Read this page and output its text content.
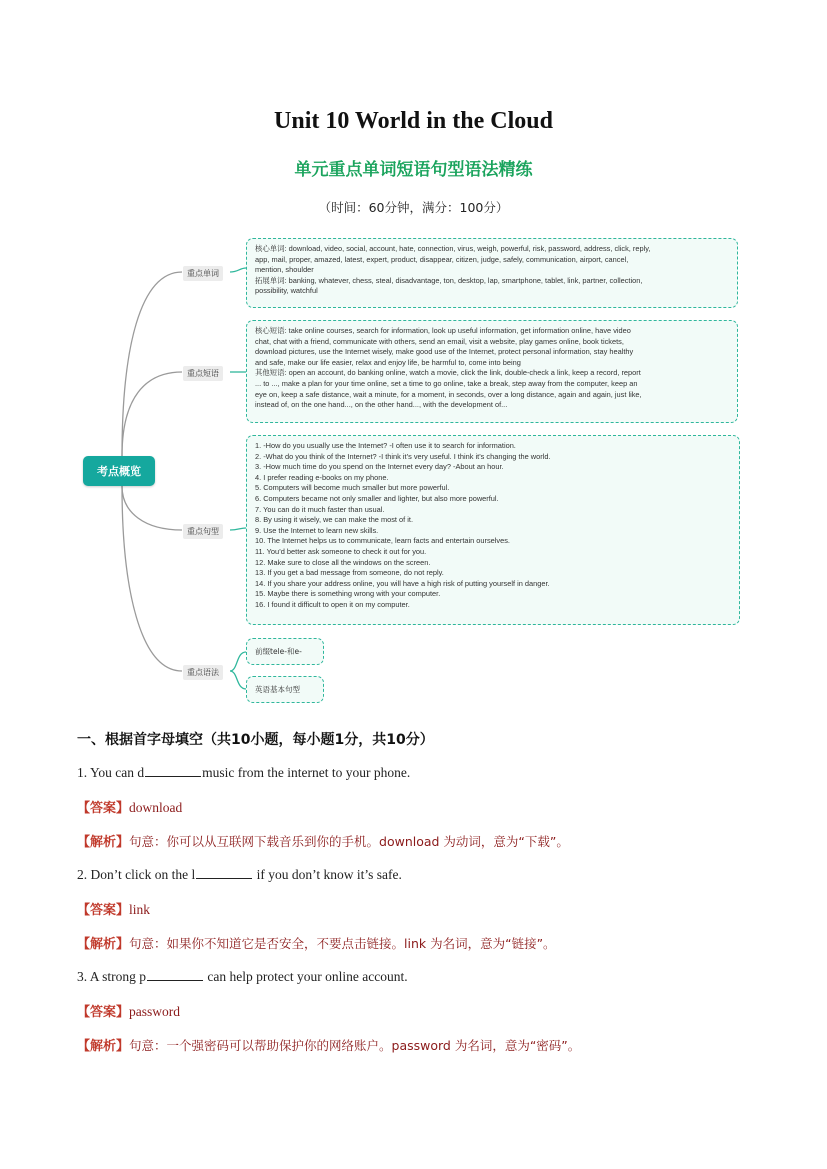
Unit 10 World in the Cloud
单元重点单词短语句型语法精练
（时间：60分钟，满分：100分）
考点概览
重点单词
重点短语
重点句型
重点语法
核心单词: download, video, social, account, hate, connection, virus, weigh, powerful, risk, password, address, click, reply,
app, mail, proper, amazed, latest, expert, product, disappear, citizen, judge, safely, communication, airport, cancel,
mention, shoulder
拓展单词: banking, whatever, chess, steal, disadvantage, ton, desktop, lap, smartphone, tablet, link, partner, collection,
possibility, watchful
核心短语: take online courses, search for information, look up useful information, get information online, have video
chat, chat with a friend, communicate with others, send an email, visit a website, play games online, book tickets,
download pictures, use the Internet wisely, make good use of the Internet, protect personal information, stay healthy
and safe, make our life easier, relax and enjoy life, be harmful to, come into being
其他短语: open an account, do banking online, watch a movie, click the link, double-check a link, keep a record, report
... to ..., make a plan for your time online, set a time to go online, take a break, step away from the computer, keep an
eye on, keep a safe distance, wait a minute, for a moment, in seconds, over a long distance, again and again, just like,
instead of, on the one hand..., on the other hand..., with the development of...
1. -How do you usually use the Internet? -I often use it to search for information.
2. -What do you think of the Internet? -I think it’s very useful. I think it’s changing the world.
3. -How much time do you spend on the Internet every day? -About an hour.
4. I prefer reading e-books on my phone.
5. Computers will become much smaller but more powerful.
6. Computers became not only smaller and lighter, but also more powerful.
7. You can do it much faster than usual.
8. By using it wisely, we can make the most of it.
9. Use the Internet to learn new skills.
10. The Internet helps us to communicate, learn facts and entertain ourselves.
11. You’d better ask someone to check it out for you.
12. Make sure to close all the windows on the screen.
13. If you get a bad message from someone, do not reply.
14. If you share your address online, you will have a high risk of putting yourself in danger.
15. Maybe there is something wrong with your computer.
16. I found it difficult to open it on my computer.
前缀tele-和e-
英语基本句型
一、根据首字母填空（共10小题，每小题1分，共10分）
1. You can d	music from the internet to your phone.
【答案】download
【解析】句意：你可以从互联网下载音乐到你的手机。download 为动词，意为“下载”。
2. Don’t click on the l	if you don’t know it’s safe.
【答案】link
【解析】句意：如果你不知道它是否安全，不要点击链接。link 为名词，意为“链接”。
3. A strong p	can help protect your online account.
【答案】password
【解析】句意：一个强密码可以帮助保护你的网络账户。password 为名词，意为“密码”。
